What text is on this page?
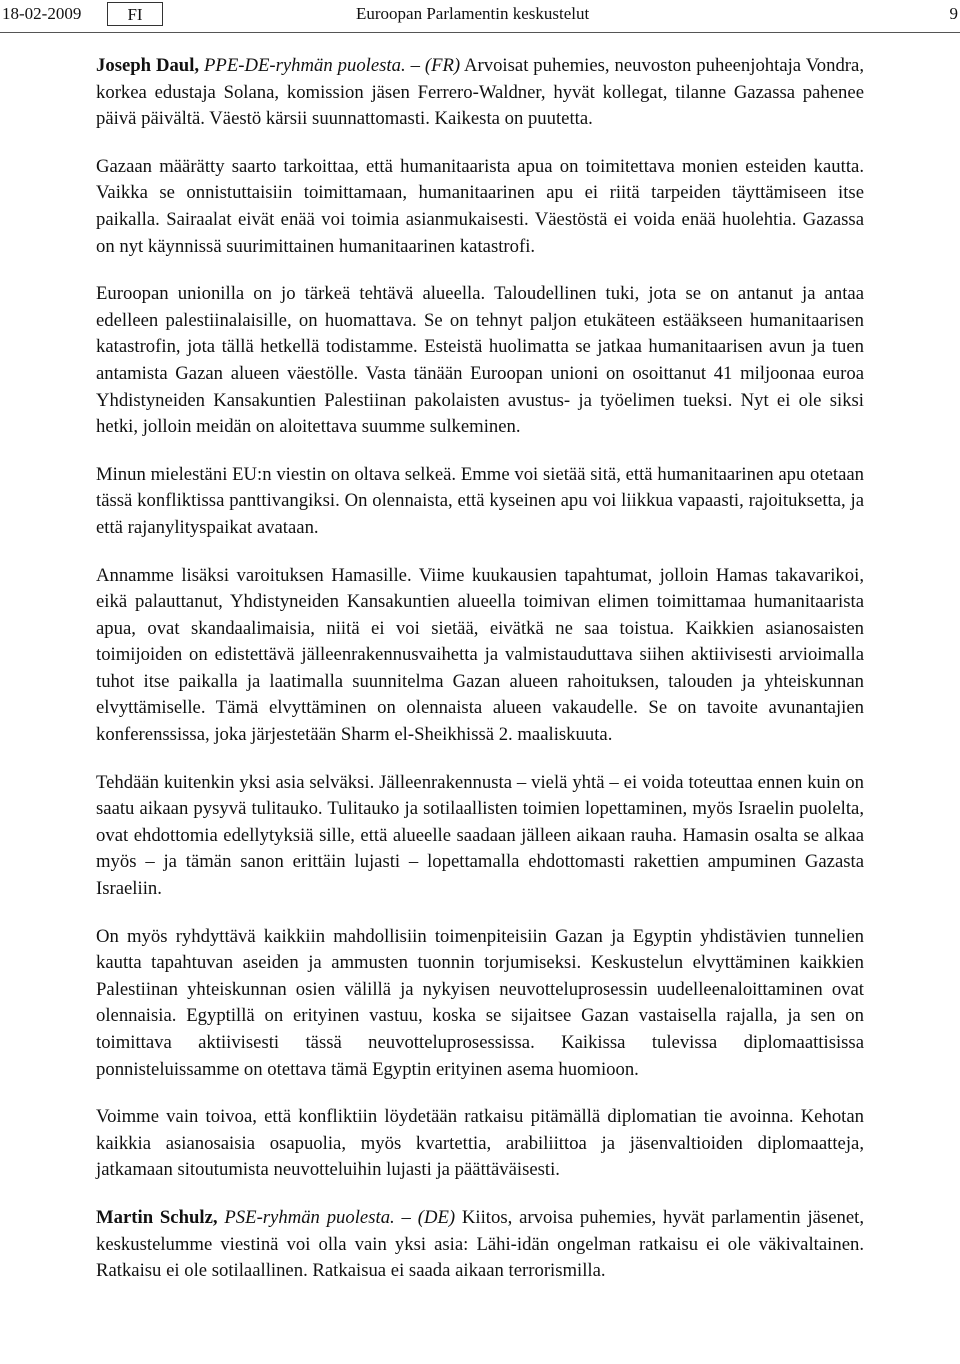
18-02-2009	FI	Euroopan Parlamentin keskustelut	9

Joseph Daul, PPE-DE-ryhmän puolesta. – (FR) Arvoisat puhemies, neuvoston puheenjohtaja Vondra, korkea edustaja Solana, komission jäsen Ferrero-Waldner, hyvät kollegat, tilanne Gazassa pahenee päivä päivältä. Väestö kärsii suunnattomasti. Kaikesta on puutetta.

Gazaan määrätty saarto tarkoittaa, että humanitaarista apua on toimitettava monien esteiden kautta. Vaikka se onnistuttaisiin toimittamaan, humanitaarinen apu ei riitä tarpeiden täyttämiseen itse paikalla. Sairaalat eivät enää voi toimia asianmukaisesti. Väestöstä ei voida enää huolehtia. Gazassa on nyt käynnissä suurimittainen humanitaarinen katastrofi.

Euroopan unionilla on jo tärkeä tehtävä alueella. Taloudellinen tuki, jota se on antanut ja antaa edelleen palestiinalaisille, on huomattava. Se on tehnyt paljon etukäteen estääkseen humanitaarisen katastrofin, jota tällä hetkellä todistamme. Esteistä huolimatta se jatkaa humanitaarisen avun ja tuen antamista Gazan alueen väestölle. Vasta tänään Euroopan unioni on osoittanut 41 miljoonaa euroa Yhdistyneiden Kansakuntien Palestiinan pakolaisten avustus- ja työelimen tueksi. Nyt ei ole siksi hetki, jolloin meidän on aloitettava suumme sulkeminen.

Minun mielestäni EU:n viestin on oltava selkeä. Emme voi sietää sitä, että humanitaarinen apu otetaan tässä konfliktissa panttivangiksi. On olennaista, että kyseinen apu voi liikkua vapaasti, rajoituksetta, ja että rajanylityspaikat avataan.

Annamme lisäksi varoituksen Hamasille. Viime kuukausien tapahtumat, jolloin Hamas takavarikoi, eikä palauttanut, Yhdistyneiden Kansakuntien alueella toimivan elimen toimittamaa humanitaarista apua, ovat skandaalimaisia, niitä ei voi sietää, eivätkä ne saa toistua. Kaikkien asianosaisten toimijoiden on edistettävä jälleenrakennusvaihetta ja valmistauduttava siihen aktiivisesti arvioimalla tuhot itse paikalla ja laatimalla suunnitelma Gazan alueen rahoituksen, talouden ja yhteiskunnan elvyttämiselle. Tämä elvyttäminen on olennaista alueen vakaudelle. Se on tavoite avunantajien konferenssissa, joka järjestetään Sharm el-Sheikhissä 2. maaliskuuta.

Tehdään kuitenkin yksi asia selväksi. Jälleenrakennusta – vielä yhtä – ei voida toteuttaa ennen kuin on saatu aikaan pysyvä tulitauko. Tulitauko ja sotilaallisten toimien lopettaminen, myös Israelin puolelta, ovat ehdottomia edellytyksiä sille, että alueelle saadaan jälleen aikaan rauha. Hamasin osalta se alkaa myös – ja tämän sanon erittäin lujasti – lopettamalla ehdottomasti rakettien ampuminen Gazasta Israeliin.

On myös ryhdyttävä kaikkiin mahdollisiin toimenpiteisiin Gazan ja Egyptin yhdistävien tunnelien kautta tapahtuvan aseiden ja ammusten tuonnin torjumiseksi. Keskustelun elvyttäminen kaikkien Palestiinan yhteiskunnan osien välillä ja nykyisen neuvotteluprosessin uudelleenaloittaminen ovat olennaisia. Egyptillä on erityinen vastuu, koska se sijaitsee Gazan vastaisella rajalla, ja sen on toimittava aktiivisesti tässä neuvotteluprosessissa. Kaikissa tulevissa diplomaattisissa ponnisteluissamme on otettava tämä Egyptin erityinen asema huomioon.

Voimme vain toivoa, että konfliktiin löydetään ratkaisu pitämällä diplomatian tie avoinna. Kehotan kaikkia asianosaisia osapuolia, myös kvartettia, arabiliittoa ja jäsenvaltioiden diplomaatteja, jatkamaan sitoutumista neuvotteluihin lujasti ja päättäväisesti.

Martin Schulz, PSE-ryhmän puolesta. – (DE) Kiitos, arvoisa puhemies, hyvät parlamentin jäsenet, keskustelumme viestinä voi olla vain yksi asia: Lähi-idän ongelman ratkaisu ei ole väkivaltainen. Ratkaisu ei ole sotilaallinen. Ratkaisua ei saada aikaan terrorismilla.
